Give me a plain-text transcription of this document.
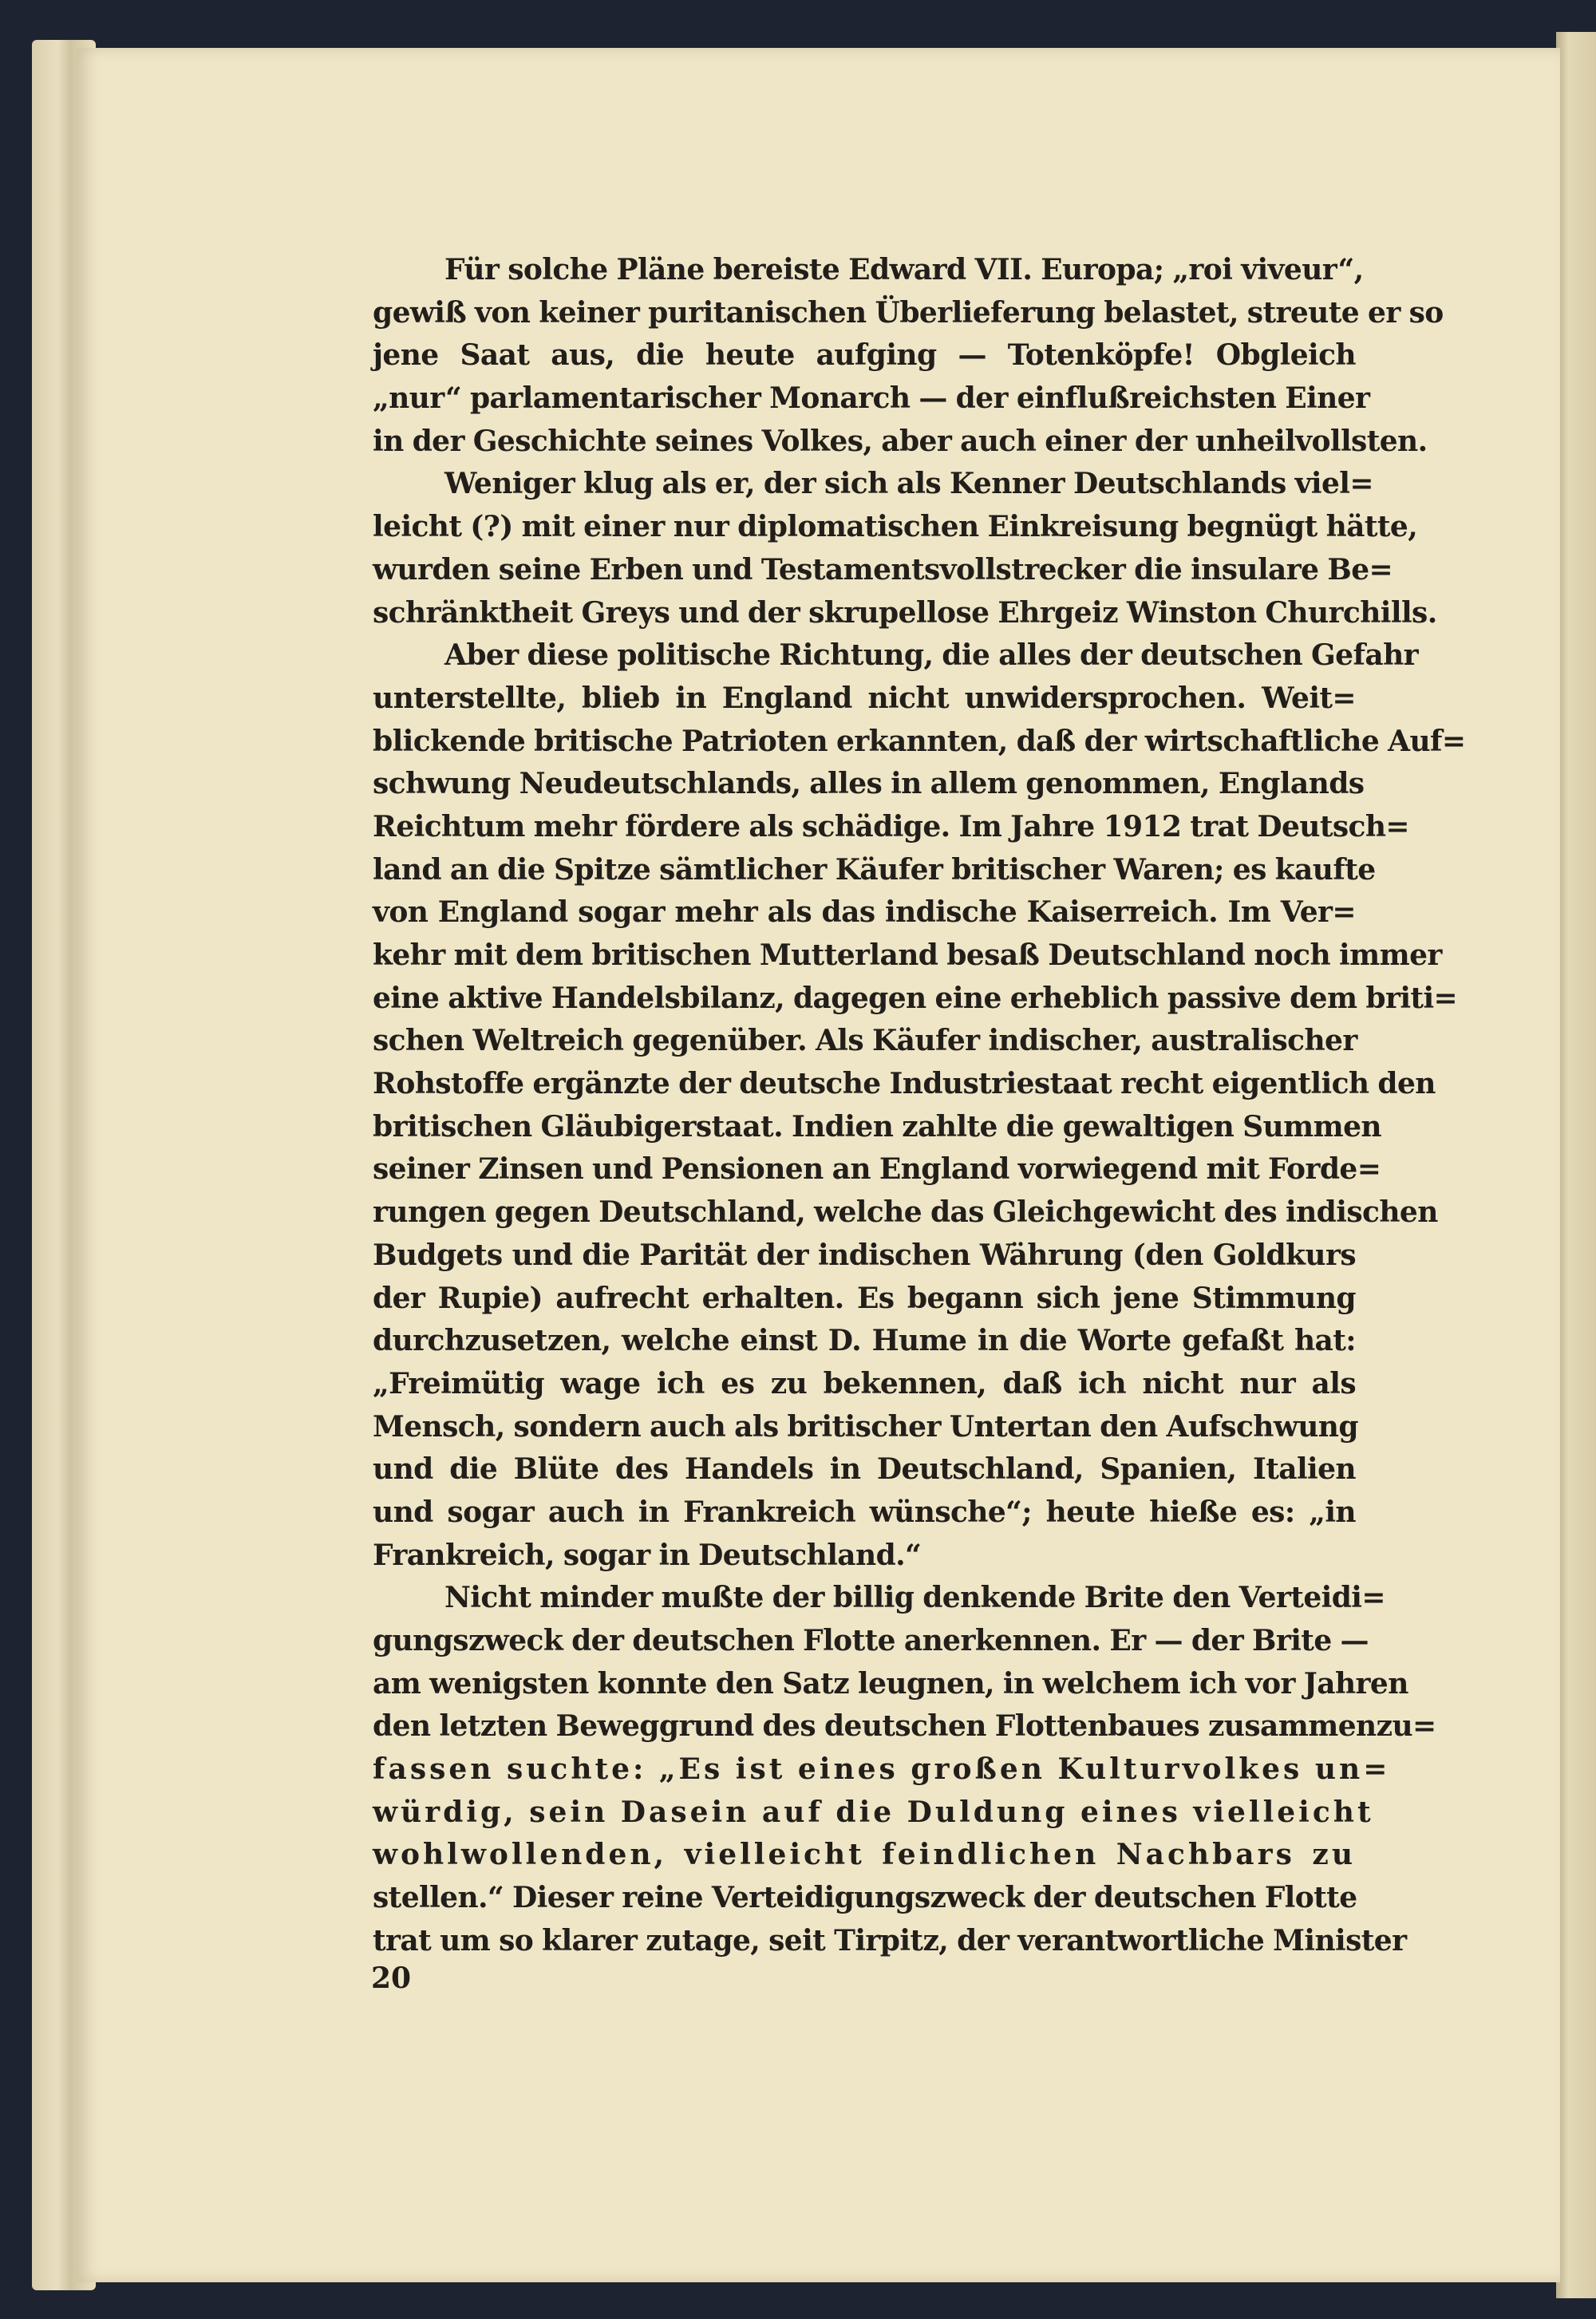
Für solche Pläne bereiste Edward VII. Europa; „roi viveur“,
gewiß von keiner puritanischen Überlieferung belastet, streute er so
jene Saat aus, die heute aufging — Totenköpfe! Obgleich
„nur“ parlamentarischer Monarch — der einflußreichsten Einer
in der Geschichte seines Volkes, aber auch einer der unheilvollsten.
Weniger klug als er, der sich als Kenner Deutschlands viel=
leicht (?) mit einer nur diplomatischen Einkreisung begnügt hätte,
wurden seine Erben und Testamentsvollstrecker die insulare Be=
schränktheit Greys und der skrupellose Ehrgeiz Winston Churchills.
Aber diese politische Richtung, die alles der deutschen Gefahr
unterstellte, blieb in England nicht unwidersprochen. Weit=
blickende britische Patrioten erkannten, daß der wirtschaftliche Auf=
schwung Neudeutschlands, alles in allem genommen, Englands
Reichtum mehr fördere als schädige. Im Jahre 1912 trat Deutsch=
land an die Spitze sämtlicher Käufer britischer Waren; es kaufte
von England sogar mehr als das indische Kaiserreich. Im Ver=
kehr mit dem britischen Mutterland besaß Deutschland noch immer
eine aktive Handelsbilanz, dagegen eine erheblich passive dem briti=
schen Weltreich gegenüber. Als Käufer indischer, australischer
Rohstoffe ergänzte der deutsche Industriestaat recht eigentlich den
britischen Gläubigerstaat. Indien zahlte die gewaltigen Summen
seiner Zinsen und Pensionen an England vorwiegend mit Forde=
rungen gegen Deutschland, welche das Gleichgewicht des indischen
Budgets und die Parität der indischen Währung (den Goldkurs
der Rupie) aufrecht erhalten. Es begann sich jene Stimmung
durchzusetzen, welche einst D. Hume in die Worte gefaßt hat:
„Freimütig wage ich es zu bekennen, daß ich nicht nur als
Mensch, sondern auch als britischer Untertan den Aufschwung
und die Blüte des Handels in Deutschland, Spanien, Italien
und sogar auch in Frankreich wünsche“; heute hieße es: „in
Frankreich, sogar in Deutschland.“
Nicht minder mußte der billig denkende Brite den Verteidi=
gungszweck der deutschen Flotte anerkennen. Er — der Brite —
am wenigsten konnte den Satz leugnen, in welchem ich vor Jahren
den letzten Beweggrund des deutschen Flottenbaues zusammenzu=
fassen suchte: „Es ist eines großen Kulturvolkes un=
würdig, sein Dasein auf die Duldung eines vielleicht
wohlwollenden, vielleicht feindlichen Nachbars zu
stellen.“ Dieser reine Verteidigungszweck der deutschen Flotte
trat um so klarer zutage, seit Tirpitz, der verantwortliche Minister
20
